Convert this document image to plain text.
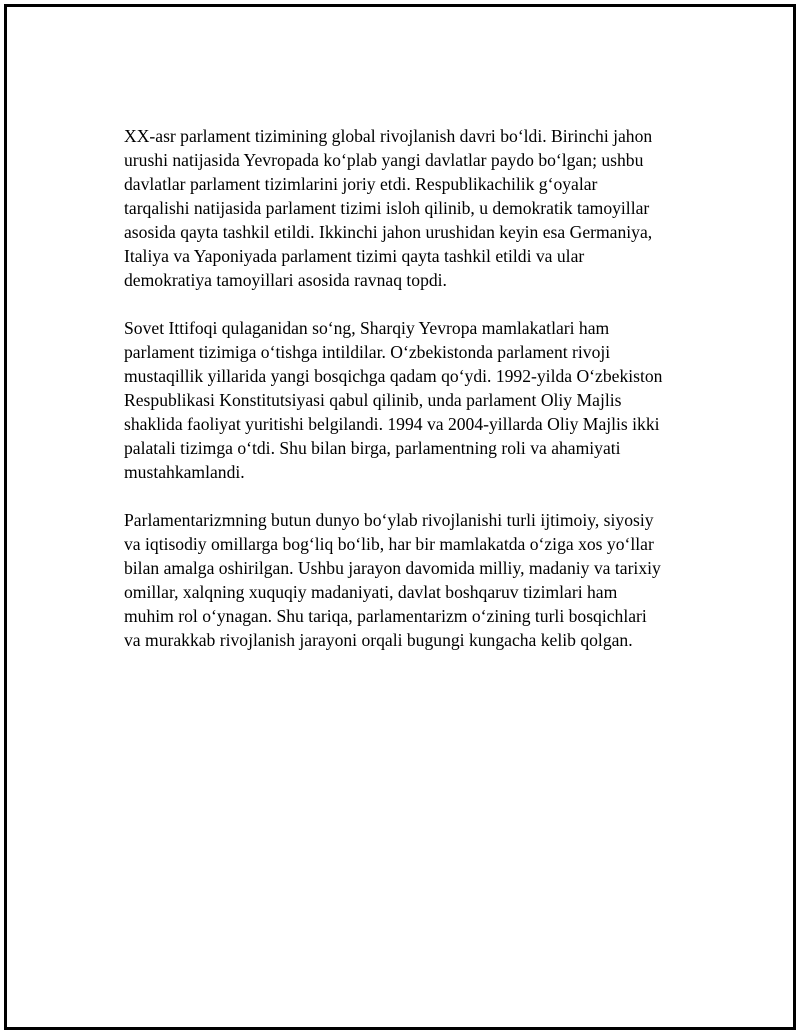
XX-asr parlament tizimining global rivojlanish davri bo‘ldi. Birinchi jahon
urushi natijasida Yevropada ko‘plab yangi davlatlar paydo bo‘lgan; ushbu
davlatlar parlament tizimlarini joriy etdi. Respublikachilik g‘oyalar
tarqalishi natijasida parlament tizimi isloh qilinib, u demokratik tamoyillar
asosida qayta tashkil etildi. Ikkinchi jahon urushidan keyin esa Germaniya,
Italiya va Yaponiyada parlament tizimi qayta tashkil etildi va ular
demokratiya tamoyillari asosida ravnaq topdi.

Sovet Ittifoqi qulaganidan so‘ng, Sharqiy Yevropa mamlakatlari ham
parlament tizimiga o‘tishga intildilar. O‘zbekistonda parlament rivoji
mustaqillik yillarida yangi bosqichga qadam qo‘ydi. 1992-yilda O‘zbekiston
Respublikasi Konstitutsiyasi qabul qilinib, unda parlament Oliy Majlis
shaklida faoliyat yuritishi belgilandi. 1994 va 2004-yillarda Oliy Majlis ikki
palatali tizimga o‘tdi. Shu bilan birga, parlamentning roli va ahamiyati
mustahkamlandi.

Parlamentarizmning butun dunyo bo‘ylab rivojlanishi turli ijtimoiy, siyosiy
va iqtisodiy omillarga bog‘liq bo‘lib, har bir mamlakatda o‘ziga xos yo‘llar
bilan amalga oshirilgan. Ushbu jarayon davomida milliy, madaniy va tarixiy
omillar, xalqning xuquqiy madaniyati, davlat boshqaruv tizimlari ham
muhim rol o‘ynagan. Shu tariqa, parlamentarizm o‘zining turli bosqichlari
va murakkab rivojlanish jarayoni orqali bugungi kungacha kelib qolgan.
